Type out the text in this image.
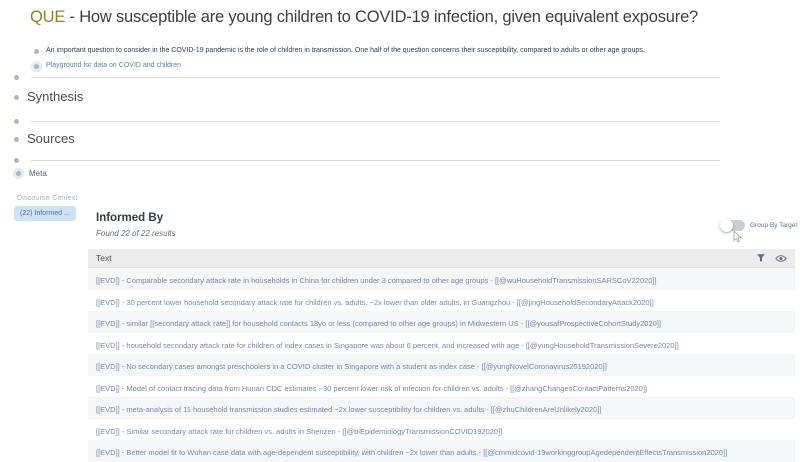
QUE - How susceptible are young children to COVID-19 infection, given equivalent exposure?
An important question to consider in the COVID-19 pandemic is the role of children in transmission. One half of the question concerns their susceptibility, compared to adults or other age groups.
Playground for data on COVID and children
Synthesis
Sources
Meta
Discourse Context
(22) Informed ...	Informed By
Found 22 of 22 results
Group By Target
Text
[[EVD]] - Comparable secondary attack rate in households in China for children under 3 compared to other age groups - [[@wuHouseholdTransmissionSARSCoV22020]]
[[EVD]] - 30 percent lower household secondary attack rate for children vs. adults, ~2x lower than older adults, in Guangzhou - [[@jingHouseholdSecondaryAttack2020]]
[[EVD]] - similar [[secondary attack rate]] for household contacts 18yo or less (compared to other age groups) in Midwestern US - [[@yousafProspectiveCohortStudy2020]]
[[EVD]] - household secondary attack rate for children of index cases in Singapore was about 6 percent, and increased with age - [[@yungHouseholdTransmissionSevere2020]]
[[EVD]] - No secondary cases amongst preschoolers in a COVID cluster in Singapore with a student as index case - [[@yungNovelCoronavirus20192020]]
[[EVD]] - Model of contact tracing data from Hunan CDC estimates ~30 percent lower risk of infection for children vs. adults - [[@zhangChangesContactPatterns2020]]
[[EVD]] - meta-analysis of 11 household transmission studies estimated ~2x lower susceptibility for children vs. adults - [[@zhuChildrenAreUnlikely2020]]
[[EVD]] - Similar secondary attack rate for children vs. adults in Shenzen - [[@biEpidemiologyTransmissionCOVID192020]]
[[EVD]] - Better model fit to Wuhan case data with age-dependent susceptibility, with children ~2x lower than adults - [[@cmmidcovid-19workinggroupAgedependentEffectsTransmission2020]]
